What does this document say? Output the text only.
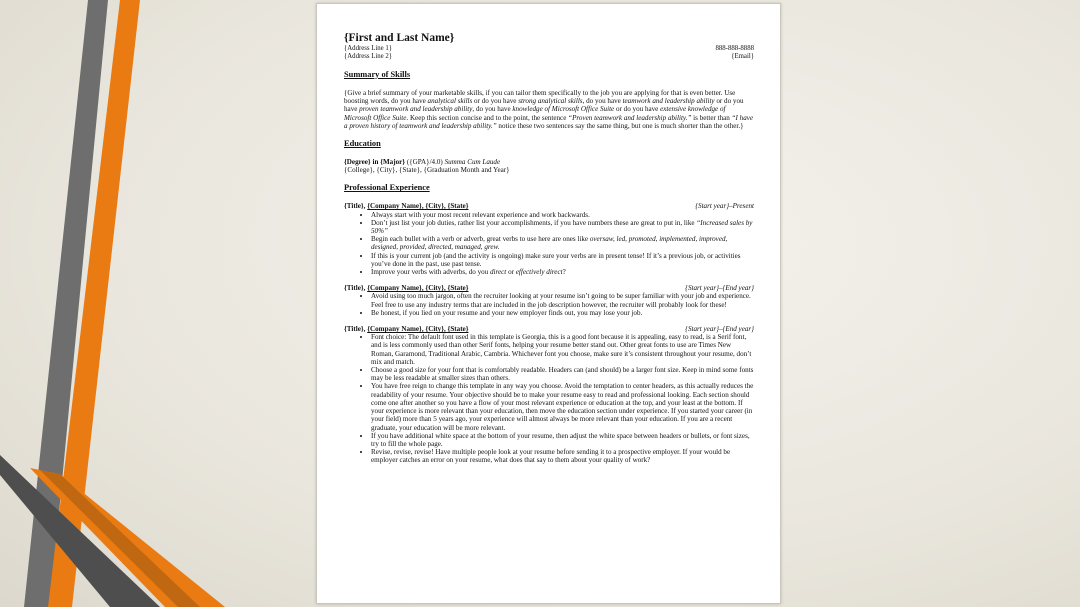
{First and Last Name}
{Address Line 1}	888-888-8888
{Address Line 2}	{Email}
Summary of Skills

{Give a brief summary of your marketable skills, if you can tailor them specifically to the job you are applying for that is even better. Use boosting words, do you have analytical skills or do you have strong analytical skills, do you have teamwork and leadership ability or do you have proven teamwork and leadership ability, do you have knowledge of Microsoft Office Suite or do you have extensive knowledge of Microsoft Office Suite. Keep this section concise and to the point, the sentence “Proven teamwork and leadership ability.” is better than “I have a proven history of teamwork and leadership ability.” notice these two sentences say the same thing, but one is much shorter than the other.}

Education
{Degree} in {Major} ({GPA}/4.0) Summa Cum Laude
{College}, {City}, {State}, {Graduation Month and Year}
Professional Experience
{Title}, {Company Name}, {City}, {State}	{Start year}–Present
• Always start with your most recent relevant experience and work backwards.
• Don’t just list your job duties, rather list your accomplishments, if you have numbers these are great to put in, like “Increased sales by 50%”
• Begin each bullet with a verb or adverb, great verbs to use here are ones like oversaw, led, promoted, implemented, improved, designed, provided, directed, managed, grew.
• If this is your current job (and the activity is ongoing) make sure your verbs are in present tense! If it’s a previous job, or activities you’ve done in the past, use past tense.
• Improve your verbs with adverbs, do you direct or effectively direct?
{Title}, {Company Name}, {City}, {State}	{Start year}–{End year}
• Avoid using too much jargon, often the recruiter looking at your resume isn’t going to be super familiar with your job and experience. Feel free to use any industry terms that are included in the job description however, the recruiter will probably look for these!
• Be honest, if you lied on your resume and your new employer finds out, you may lose your job.
{Title}, {Company Name}, {City}, {State}	{Start year}–{End year}
• Font choice: The default font used in this template is Georgia, this is a good font because it is appealing, easy to read, is a Serif font, and is less commonly used than other Serif fonts, helping your resume better stand out. Other great fonts to use are Times New Roman, Garamond, Traditional Arabic, Cambria. Whichever font you choose, make sure it’s consistent throughout your resume, don’t mix and match.
• Choose a good size for your font that is comfortably readable. Headers can (and should) be a larger font size. Keep in mind some fonts may be less readable at smaller sizes than others.
• You have free reign to change this template in any way you choose. Avoid the temptation to center headers, as this actually reduces the readability of your resume. Your objective should be to make your resume easy to read and professional looking. Each section should come one after another so you have a flow of your most relevant experience or education at the top, and your least at the bottom. If your experience is more relevant than your education, then move the education section under experience. If you started your career (in your field) more than 5 years ago, your experience will almost always be more relevant than your education. If you are a recent graduate, your education will be more relevant.
• If you have additional white space at the bottom of your resume, then adjust the white space between headers or bullets, or font sizes, try to fill the whole page.
• Revise, revise, revise! Have multiple people look at your resume before sending it to a prospective employer. If your would be employer catches an error on your resume, what does that say to them about your quality of work?
